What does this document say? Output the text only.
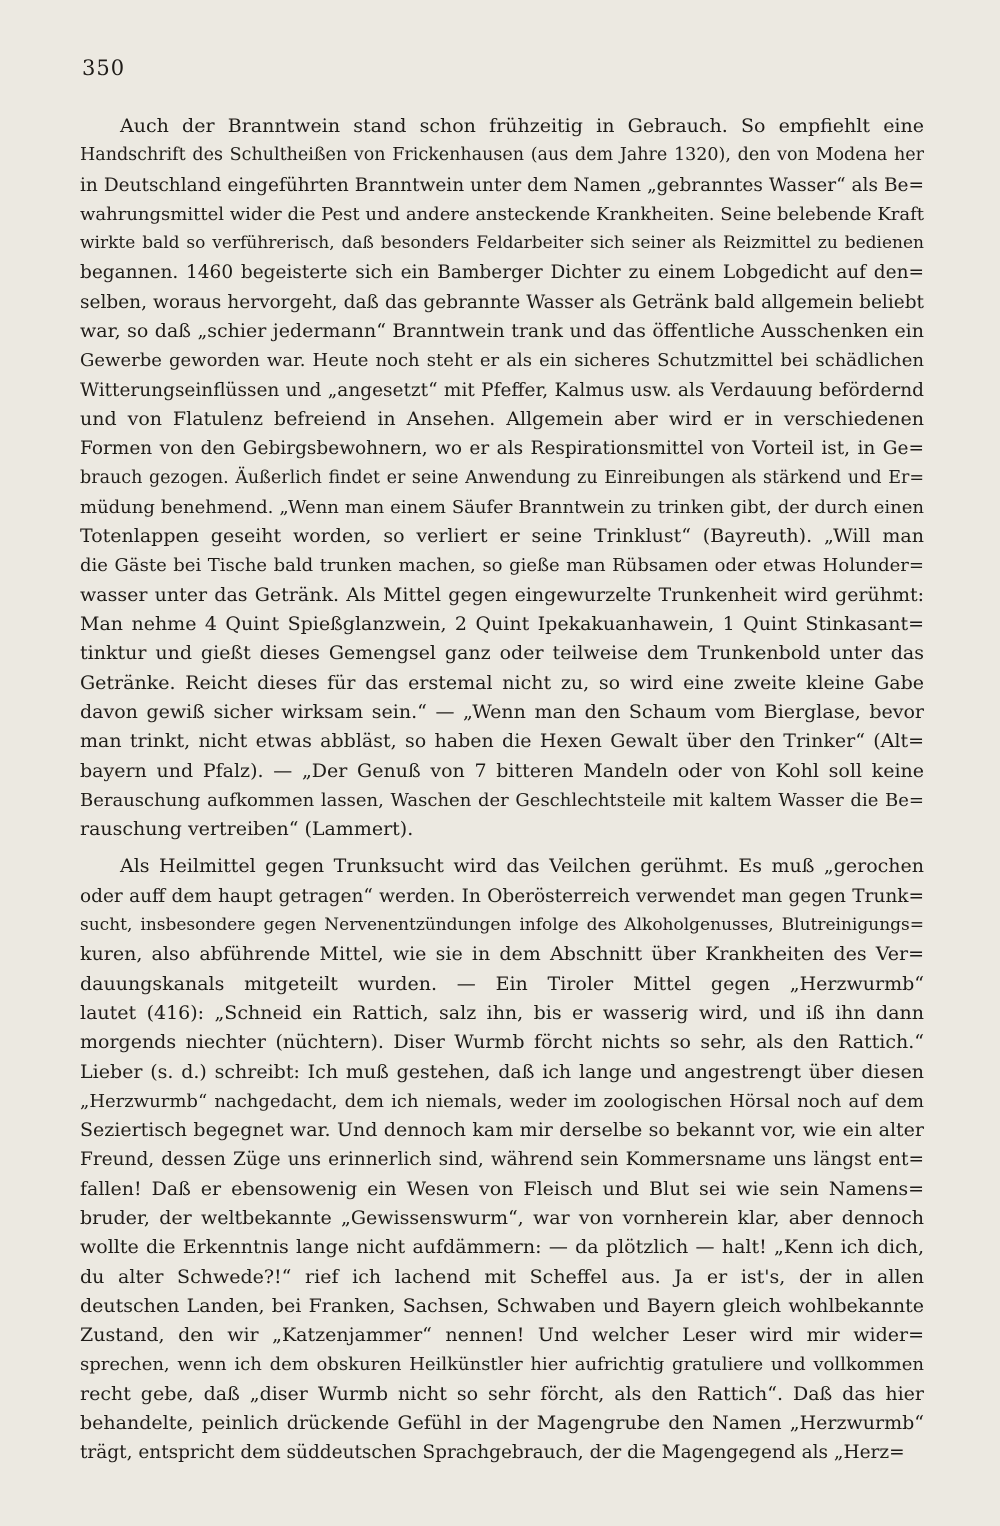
350
Auch der Branntwein stand schon frühzeitig in Gebrauch. So empfiehlt eine
Handschrift des Schultheißen von Frickenhausen (aus dem Jahre 1320), den von Modena her
in Deutschland eingeführten Branntwein unter dem Namen „gebranntes Wasser“ als Be=
wahrungsmittel wider die Pest und andere ansteckende Krankheiten. Seine belebende Kraft
wirkte bald so verführerisch, daß besonders Feldarbeiter sich seiner als Reizmittel zu bedienen
begannen. 1460 begeisterte sich ein Bamberger Dichter zu einem Lobgedicht auf den=
selben, woraus hervorgeht, daß das gebrannte Wasser als Getränk bald allgemein beliebt
war, so daß „schier jedermann“ Branntwein trank und das öffentliche Ausschenken ein
Gewerbe geworden war. Heute noch steht er als ein sicheres Schutzmittel bei schädlichen
Witterungseinflüssen und „angesetzt“ mit Pfeffer, Kalmus usw. als Verdauung befördernd
und von Flatulenz befreiend in Ansehen. Allgemein aber wird er in verschiedenen
Formen von den Gebirgsbewohnern, wo er als Respirationsmittel von Vorteil ist, in Ge=
brauch gezogen. Äußerlich findet er seine Anwendung zu Einreibungen als stärkend und Er=
müdung benehmend. „Wenn man einem Säufer Branntwein zu trinken gibt, der durch einen
Totenlappen geseiht worden, so verliert er seine Trinklust“ (Bayreuth). „Will man
die Gäste bei Tische bald trunken machen, so gieße man Rübsamen oder etwas Holunder=
wasser unter das Getränk. Als Mittel gegen eingewurzelte Trunkenheit wird gerühmt:
Man nehme 4 Quint Spießglanzwein, 2 Quint Ipekakuanhawein, 1 Quint Stinkasant=
tinktur und gießt dieses Gemengsel ganz oder teilweise dem Trunkenbold unter das
Getränke. Reicht dieses für das erstemal nicht zu, so wird eine zweite kleine Gabe
davon gewiß sicher wirksam sein.“ — „Wenn man den Schaum vom Bierglase, bevor
man trinkt, nicht etwas abbläst, so haben die Hexen Gewalt über den Trinker“ (Alt=
bayern und Pfalz). — „Der Genuß von 7 bitteren Mandeln oder von Kohl soll keine
Berauschung aufkommen lassen, Waschen der Geschlechtsteile mit kaltem Wasser die Be=
rauschung vertreiben“ (Lammert).
Als Heilmittel gegen Trunksucht wird das Veilchen gerühmt. Es muß „gerochen
oder auff dem haupt getragen“ werden. In Oberösterreich verwendet man gegen Trunk=
sucht, insbesondere gegen Nervenentzündungen infolge des Alkoholgenusses, Blutreinigungs=
kuren, also abführende Mittel, wie sie in dem Abschnitt über Krankheiten des Ver=
dauungskanals mitgeteilt wurden. — Ein Tiroler Mittel gegen „Herzwurmb“
lautet (416): „Schneid ein Rattich, salz ihn, bis er wasserig wird, und iß ihn dann
morgends niechter (nüchtern). Diser Wurmb förcht nichts so sehr, als den Rattich.“
Lieber (s. d.) schreibt: Ich muß gestehen, daß ich lange und angestrengt über diesen
„Herzwurmb“ nachgedacht, dem ich niemals, weder im zoologischen Hörsal noch auf dem
Seziertisch begegnet war. Und dennoch kam mir derselbe so bekannt vor, wie ein alter
Freund, dessen Züge uns erinnerlich sind, während sein Kommersname uns längst ent=
fallen! Daß er ebensowenig ein Wesen von Fleisch und Blut sei wie sein Namens=
bruder, der weltbekannte „Gewissenswurm“, war von vornherein klar, aber dennoch
wollte die Erkenntnis lange nicht aufdämmern: — da plötzlich — halt! „Kenn ich dich,
du alter Schwede?!“ rief ich lachend mit Scheffel aus. Ja er ist's, der in allen
deutschen Landen, bei Franken, Sachsen, Schwaben und Bayern gleich wohlbekannte
Zustand, den wir „Katzenjammer“ nennen! Und welcher Leser wird mir wider=
sprechen, wenn ich dem obskuren Heilkünstler hier aufrichtig gratuliere und vollkommen
recht gebe, daß „diser Wurmb nicht so sehr förcht, als den Rattich“. Daß das hier
behandelte, peinlich drückende Gefühl in der Magengrube den Namen „Herzwurmb“
trägt, entspricht dem süddeutschen Sprachgebrauch, der die Magengegend als „Herz=
